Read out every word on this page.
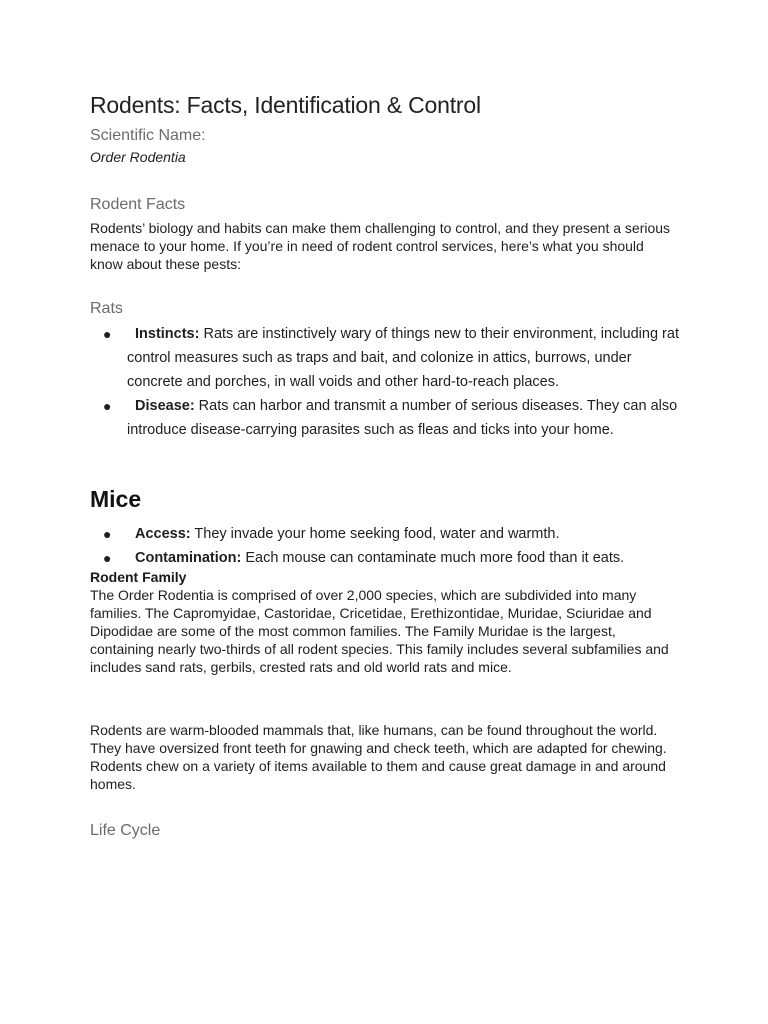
Rodents: Facts, Identification & Control
Scientific Name:
Order Rodentia
Rodent Facts

Rodents’ biology and habits can make them challenging to control, and they present a serious menace to your home. If you’re in need of rodent control services, here’s what you should know about these pests:

Rats
● Instincts: Rats are instinctively wary of things new to their environment, including rat control measures such as traps and bait, and colonize in attics, burrows, under concrete and porches, in wall voids and other hard-to-reach places.
● Disease: Rats can harbor and transmit a number of serious diseases. They can also introduce disease-carrying parasites such as fleas and ticks into your home.
Mice
● Access: They invade your home seeking food, water and warmth.
● Contamination: Each mouse can contaminate much more food than it eats.
Rodent Family

The Order Rodentia is comprised of over 2,000 species, which are subdivided into many families. The Capromyidae, Castoridae, Cricetidae, Erethizontidae, Muridae, Sciuridae and Dipodidae are some of the most common families. The Family Muridae is the largest, containing nearly two-thirds of all rodent species. This family includes several subfamilies and includes sand rats, gerbils, crested rats and old world rats and mice.

Rodents are warm-blooded mammals that, like humans, can be found throughout the world. They have oversized front teeth for gnawing and check teeth, which are adapted for chewing. Rodents chew on a variety of items available to them and cause great damage in and around homes.

Life Cycle
